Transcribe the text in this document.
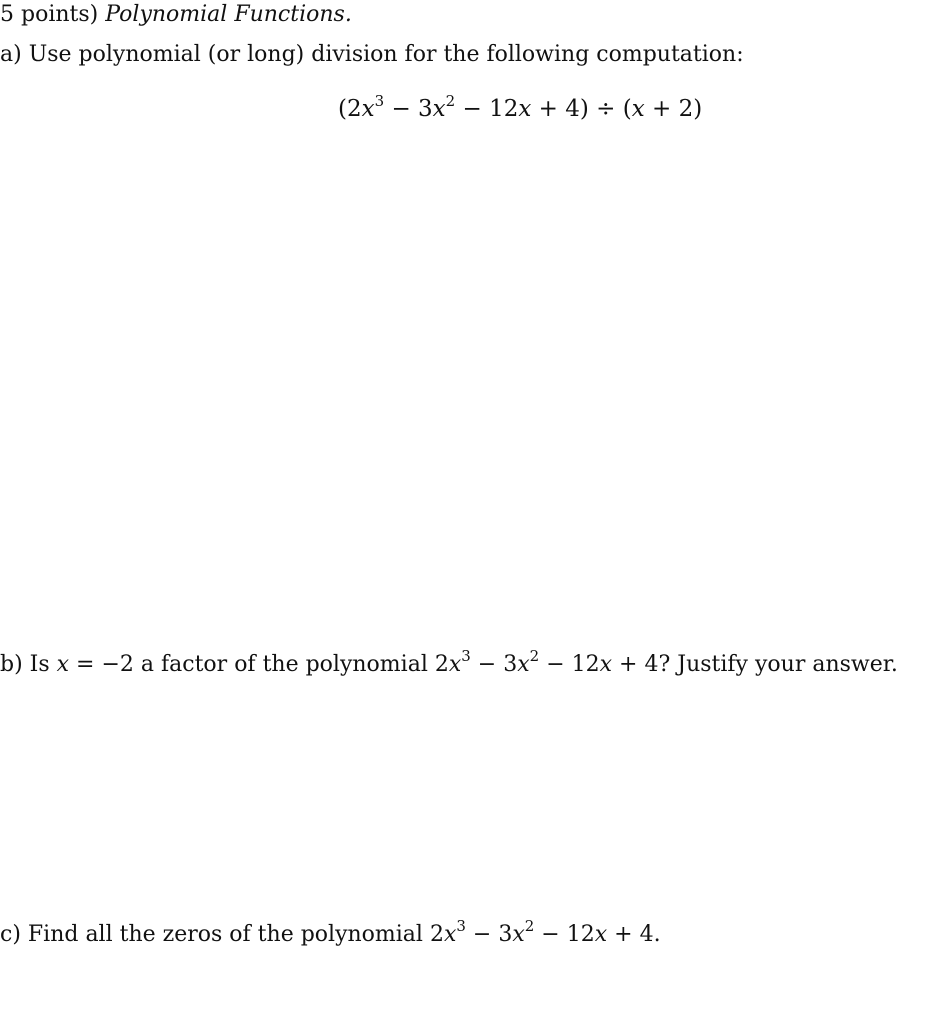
5 points) Polynomial Functions.
a) Use polynomial (or long) division for the following computation:
$(2x^3 - 3x^2 - 12x + 4) \div (x + 2)$
b) Is x = −2 a factor of the polynomial $2x^3 - 3x^2 - 12x + 4$? Justify your answer.
c) Find all the zeros of the polynomial $2x^3 - 3x^2 - 12x + 4$.
